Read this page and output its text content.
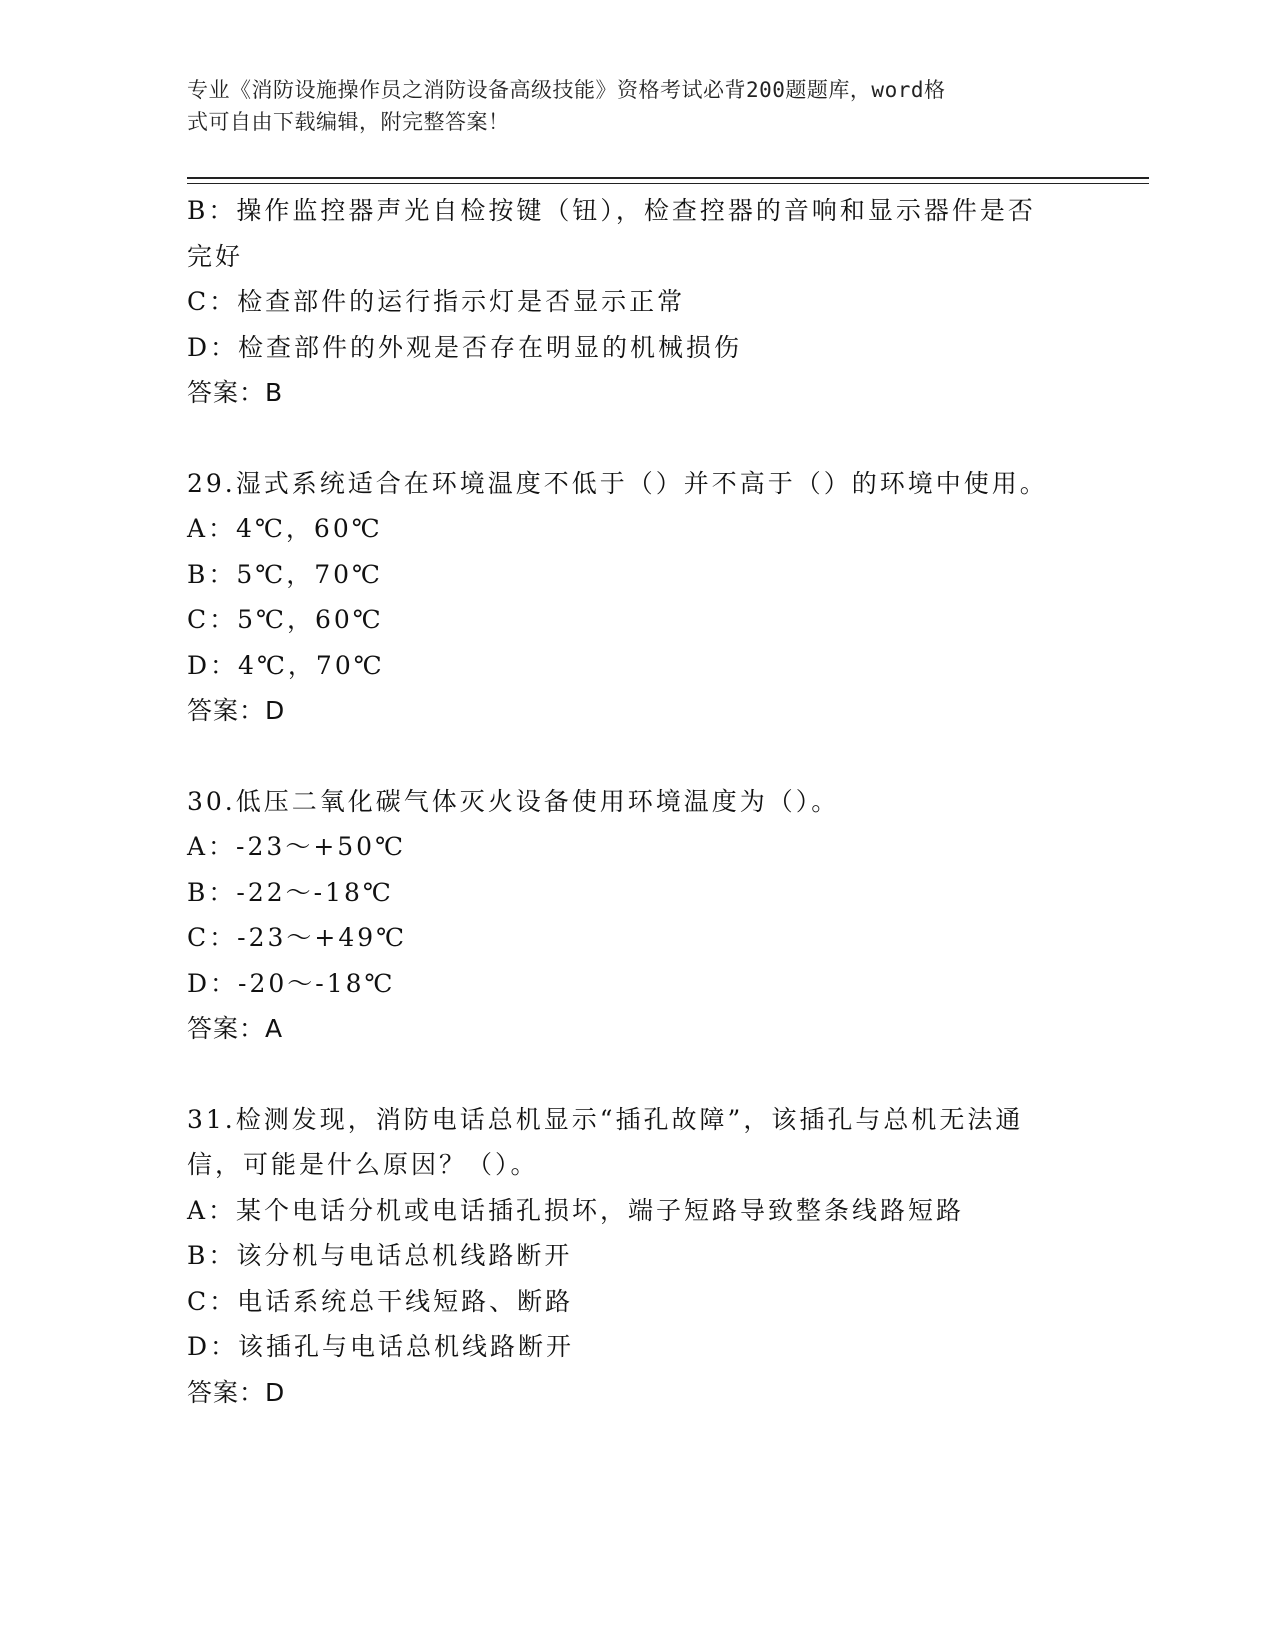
专业《消防设施操作员之消防设备高级技能》资格考试必背200题题库，word格
式可自由下载编辑，附完整答案！
B：操作监控器声光自检按键（钮），检查控器的音响和显示器件是否
完好
C：检查部件的运行指示灯是否显示正常
D：检查部件的外观是否存在明显的机械损伤
答案：B
29.湿式系统适合在环境温度不低于（）并不高于（）的环境中使用。
A：4℃，60℃
B：5℃，70℃
C：5℃，60℃
D：4℃，70℃
答案：D
30.低压二氧化碳气体灭火设备使用环境温度为（）。
A：-23～+50℃
B：-22～-18℃
C：-23～+49℃
D：-20～-18℃
答案：A
31.检测发现，消防电话总机显示“插孔故障”，该插孔与总机无法通
信，可能是什么原因？（）。
A：某个电话分机或电话插孔损坏，端子短路导致整条线路短路
B：该分机与电话总机线路断开
C：电话系统总干线短路、断路
D：该插孔与电话总机线路断开
答案：D
